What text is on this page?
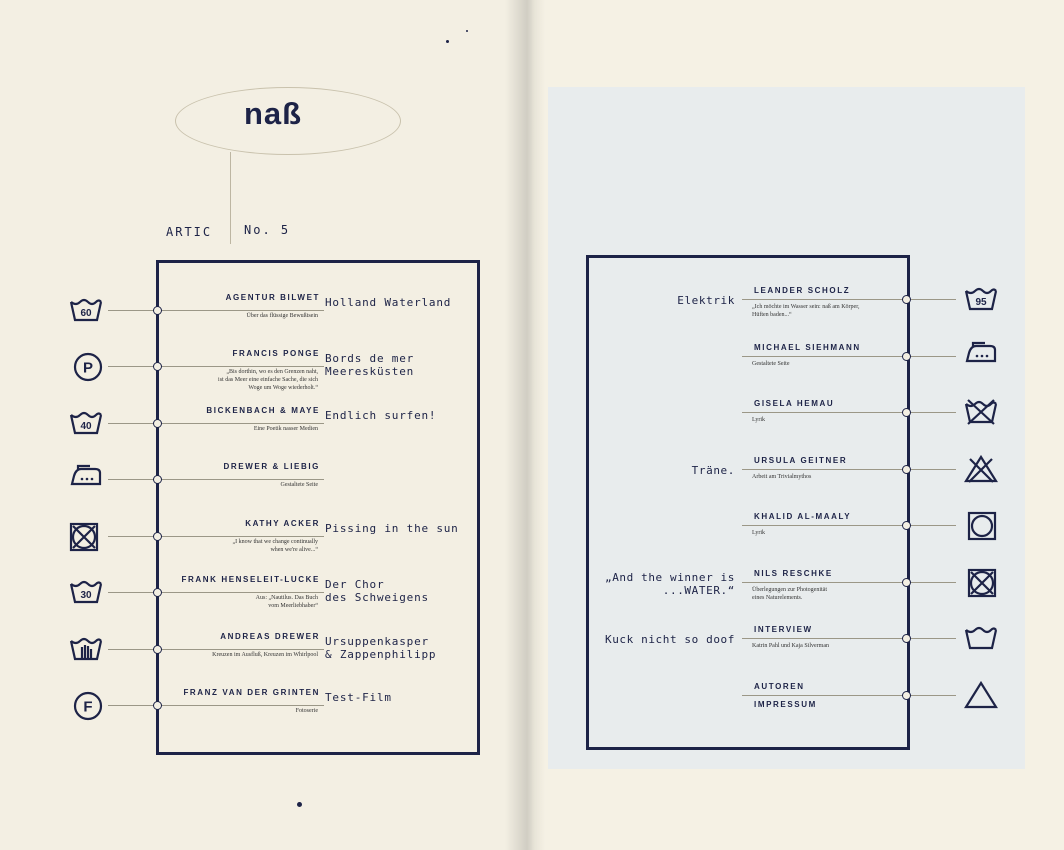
naß
ARTIC	No. 5
60
AGENTUR BILWET
Über das flüssige Bewußtsein
Holland Waterland
P
FRANCIS PONGE
„Bis dorthin, wo es den Grenzen naht,
ist das Meer eine einfache Sache, die sich
Woge um Woge wiederholt.“
Bords de mer
Meeresküsten
40
BICKENBACH & MAYE
Eine Poetik nasser Medien
Endlich surfen!
DREWER & LIEBIG
Gestaltete Seite
KATHY ACKER
„I know that we change continually
when we're alive...“
Pissing in the sun
30
FRANK HENSELEIT-LUCKE
Aus: „Nautilus. Das Buch
vom Meerliebhaber“
Der Chor
des Schweigens
ANDREAS DREWER
Kreuzen im Ausfluß, Kreuzen im Whirlpool
Ursuppenkasper
& Zappenphilipp
F
FRANZ VAN DER GRINTEN
Fotoserie
Test-Film
95
LEANDER SCHOLZ
„Ich möchte im Wasser sein: naß am Körper,
Hüften baden...“
Elektrik
MICHAEL SIEHMANN
Gestaltete Seite
GISELA HEMAU
Lyrik
URSULA GEITNER
Arbeit am Trivialmythos
Träne.
KHALID AL-MAALY
Lyrik
NILS RESCHKE
Überlegungen zur Photogenität
eines Naturelements.
„And the winner is
...WATER.“
INTERVIEW
Katrin Pahl und Kaja Silverman
Kuck nicht so doof
AUTOREN
IMPRESSUM
